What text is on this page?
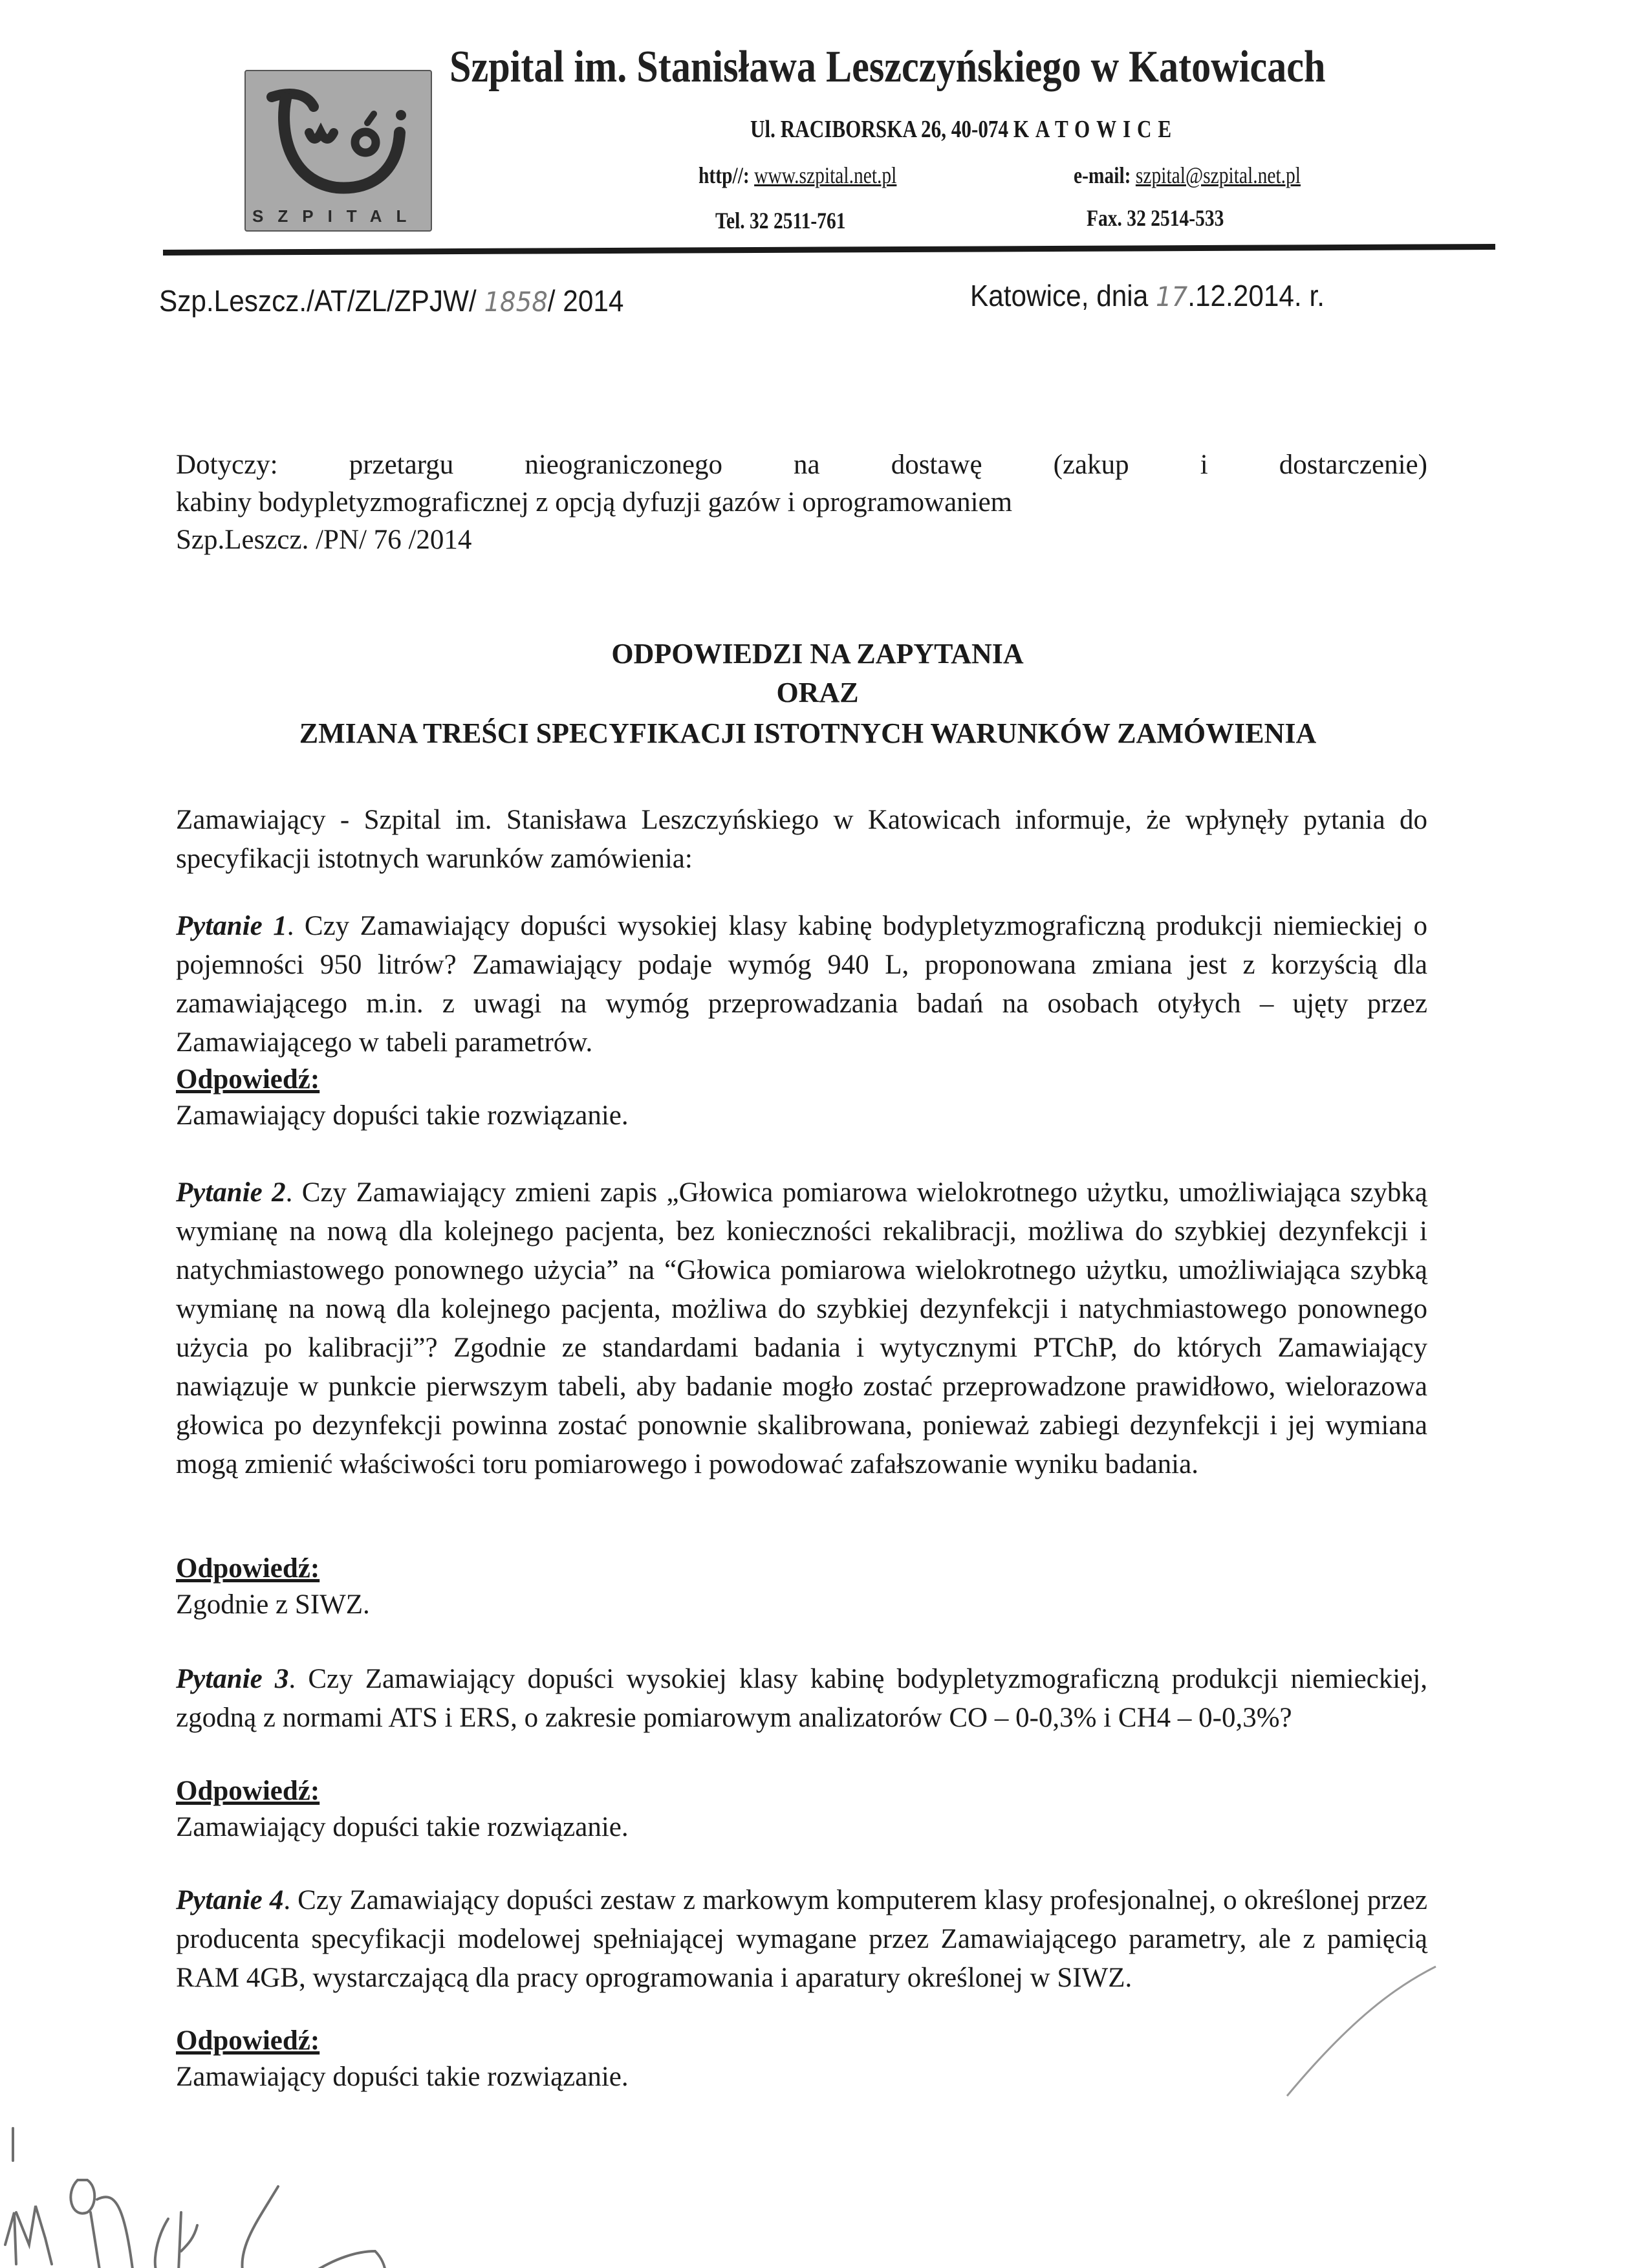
SZPITAL
Szpital im. Stanisława Leszczyńskiego w Katowicach
Ul. RACIBORSKA 26, 40-074 KATOWICE
http//: www.szpital.net.pl	e-mail: szpital@szpital.net.pl
Tel. 32 2511-761	Fax. 32 2514-533
Szp.Leszcz./AT/ZL/ZPJW/ 1858/ 2014	Katowice, dnia 17.12.2014. r.
Dotyczy:	przetargu	nieograniczonego	na	dostawę	(zakup	i	dostarczenie)
kabiny bodypletyzmograficznej z opcją dyfuzji gazów i oprogramowaniem
Szp.Leszcz. /PN/ 76 /2014
ODPOWIEDZI NA ZAPYTANIA
ORAZ
ZMIANA TREŚCI SPECYFIKACJI ISTOTNYCH WARUNKÓW ZAMÓWIENIA
Zamawiający - Szpital im. Stanisława Leszczyńskiego w Katowicach informuje, że wpłynęły pytania do specyfikacji istotnych warunków zamówienia:
Pytanie 1. Czy Zamawiający dopuści wysokiej klasy kabinę bodypletyzmograficzną produkcji niemieckiej o pojemności 950 litrów? Zamawiający podaje wymóg 940 L, proponowana zmiana jest z korzyścią dla zamawiającego m.in. z uwagi na wymóg przeprowadzania badań na osobach otyłych – ujęty przez Zamawiającego w tabeli parametrów.
Odpowiedź:
Zamawiający dopuści takie rozwiązanie.
Pytanie 2. Czy Zamawiający zmieni zapis „Głowica pomiarowa wielokrotnego użytku, umożliwiająca szybką wymianę na nową dla kolejnego pacjenta, bez konieczności rekalibracji, możliwa do szybkiej dezynfekcji i natychmiastowego ponownego użycia” na “Głowica pomiarowa wielokrotnego użytku, umożliwiająca szybką wymianę na nową dla kolejnego pacjenta, możliwa do szybkiej dezynfekcji i natychmiastowego ponownego użycia po kalibracji”? Zgodnie ze standardami badania i wytycznymi PTChP, do których Zamawiający nawiązuje w punkcie pierwszym tabeli, aby badanie mogło zostać przeprowadzone prawidłowo, wielorazowa głowica po dezynfekcji powinna zostać ponownie skalibrowana, ponieważ zabiegi dezynfekcji i jej wymiana mogą zmienić właściwości toru pomiarowego i powodować zafałszowanie wyniku badania.
Odpowiedź:
Zgodnie z SIWZ.
Pytanie 3. Czy Zamawiający dopuści wysokiej klasy kabinę bodypletyzmograficzną produkcji niemieckiej, zgodną z normami ATS i ERS, o zakresie pomiarowym analizatorów CO – 0-0,3% i CH4 – 0-0,3%?
Odpowiedź:
Zamawiający dopuści takie rozwiązanie.
Pytanie 4. Czy Zamawiający dopuści zestaw z markowym komputerem klasy profesjonalnej, o określonej przez producenta specyfikacji modelowej spełniającej wymagane przez Zamawiającego parametry, ale z pamięcią RAM 4GB, wystarczającą dla pracy oprogramowania i aparatury określonej w SIWZ.
Odpowiedź:
Zamawiający dopuści takie rozwiązanie.
